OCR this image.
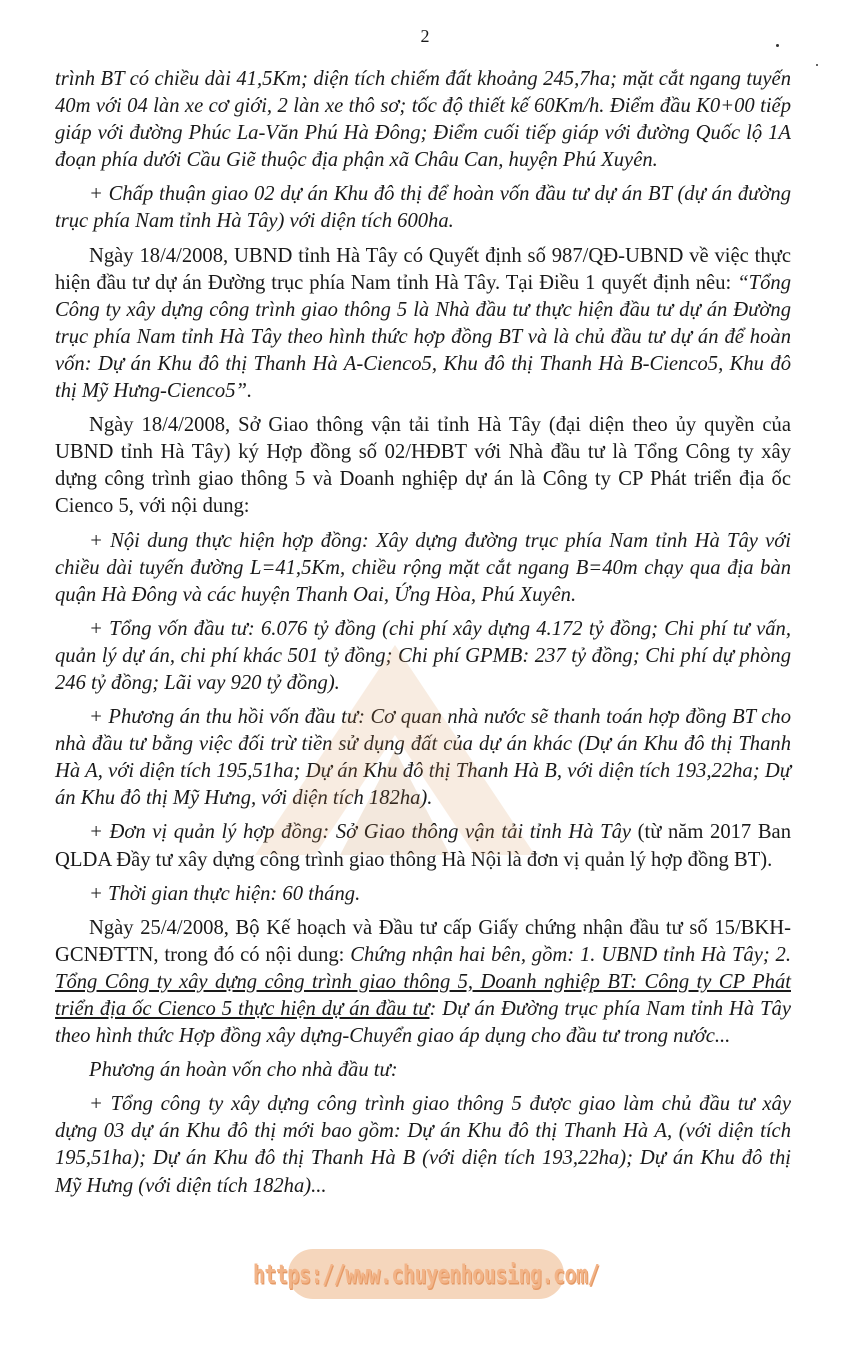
2

trình BT có chiều dài 41,5Km; diện tích chiếm đất khoảng 245,7ha; mặt cắt ngang tuyến 40m với 04 làn xe cơ giới, 2 làn xe thô sơ; tốc độ thiết kế 60Km/h. Điểm đầu K0+00 tiếp giáp với đường Phúc La-Văn Phú Hà Đông; Điểm cuối tiếp giáp với đường Quốc lộ 1A đoạn phía dưới Cầu Giẽ thuộc địa phận xã Châu Can, huyện Phú Xuyên.

+ Chấp thuận giao 02 dự án Khu đô thị để hoàn vốn đầu tư dự án BT (dự án đường trục phía Nam tỉnh Hà Tây) với diện tích 600ha.

Ngày 18/4/2008, UBND tỉnh Hà Tây có Quyết định số 987/QĐ-UBND về việc thực hiện đầu tư dự án Đường trục phía Nam tỉnh Hà Tây. Tại Điều 1 quyết định nêu: “Tổng Công ty xây dựng công trình giao thông 5 là Nhà đầu tư thực hiện đầu tư dự án Đường trục phía Nam tỉnh Hà Tây theo hình thức hợp đồng BT và là chủ đầu tư dự án để hoàn vốn: Dự án Khu đô thị Thanh Hà A-Cienco5, Khu đô thị Thanh Hà B-Cienco5, Khu đô thị Mỹ Hưng-Cienco5”.

Ngày 18/4/2008, Sở Giao thông vận tải tỉnh Hà Tây (đại diện theo ủy quyền của UBND tỉnh Hà Tây) ký Hợp đồng số 02/HĐBT với Nhà đầu tư là Tổng Công ty xây dựng công trình giao thông 5 và Doanh nghiệp dự án là Công ty CP Phát triển địa ốc Cienco 5, với nội dung:

+ Nội dung thực hiện hợp đồng: Xây dựng đường trục phía Nam tỉnh Hà Tây với chiều dài tuyến đường L=41,5Km, chiều rộng mặt cắt ngang B=40m chạy qua địa bàn quận Hà Đông và các huyện Thanh Oai, Ứng Hòa, Phú Xuyên.

+ Tổng vốn đầu tư: 6.076 tỷ đồng (chi phí xây dựng 4.172 tỷ đồng; Chi phí tư vấn, quản lý dự án, chi phí khác 501 tỷ đồng; Chi phí GPMB: 237 tỷ đồng; Chi phí dự phòng 246 tỷ đồng; Lãi vay 920 tỷ đồng).

+ Phương án thu hồi vốn đầu tư: Cơ quan nhà nước sẽ thanh toán hợp đồng BT cho nhà đầu tư bằng việc đối trừ tiền sử dụng đất của dự án khác (Dự án Khu đô thị Thanh Hà A, với diện tích 195,51ha; Dự án Khu đô thị Thanh Hà B, với diện tích 193,22ha; Dự án Khu đô thị Mỹ Hưng, với diện tích 182ha).

+ Đơn vị quản lý hợp đồng: Sở Giao thông vận tải tỉnh Hà Tây (từ năm 2017 Ban QLDA Đầy tư xây dựng công trình giao thông Hà Nội là đơn vị quản lý hợp đồng BT).

+ Thời gian thực hiện: 60 tháng.

Ngày 25/4/2008, Bộ Kế hoạch và Đầu tư cấp Giấy chứng nhận đầu tư số 15/BKH-GCNĐTTN, trong đó có nội dung: Chứng nhận hai bên, gồm: 1. UBND tỉnh Hà Tây; 2. Tổng Công ty xây dựng công trình giao thông 5, Doanh nghiệp BT: Công ty CP Phát triển địa ốc Cienco 5 thực hiện dự án đầu tư: Dự án Đường trục phía Nam tỉnh Hà Tây theo hình thức Hợp đồng xây dựng-Chuyển giao áp dụng cho đầu tư trong nước...

Phương án hoàn vốn cho nhà đầu tư:

+ Tổng công ty xây dựng công trình giao thông 5 được giao làm chủ đầu tư xây dựng 03 dự án Khu đô thị mới bao gồm: Dự án Khu đô thị Thanh Hà A, (với diện tích 195,51ha); Dự án Khu đô thị Thanh Hà B (với diện tích 193,22ha); Dự án Khu đô thị Mỹ Hưng (với diện tích 182ha)...

https://www.chuyenhousing.com/
